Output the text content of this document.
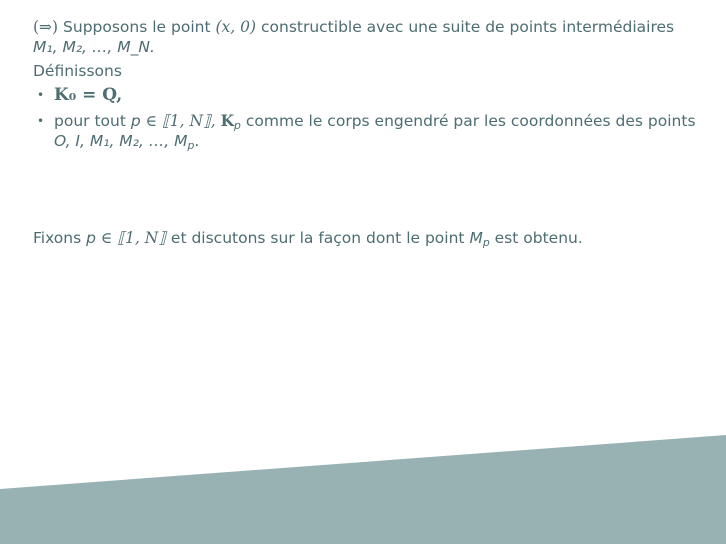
(⇒) Supposons le point (x, 0) constructible avec une suite de points intermédiaires
M₁, M₂, …, M_N.

Définissons

• K₀ = Q,
• pour tout p ∈ ⟦1, N⟧, $K_p$ comme le corps engendré par les coordonnées des points
O, I, M₁, M₂, …, $M_p$.

Fixons p ∈ ⟦1, N⟧ et discutons sur la façon dont le point $M_p$ est obtenu.
